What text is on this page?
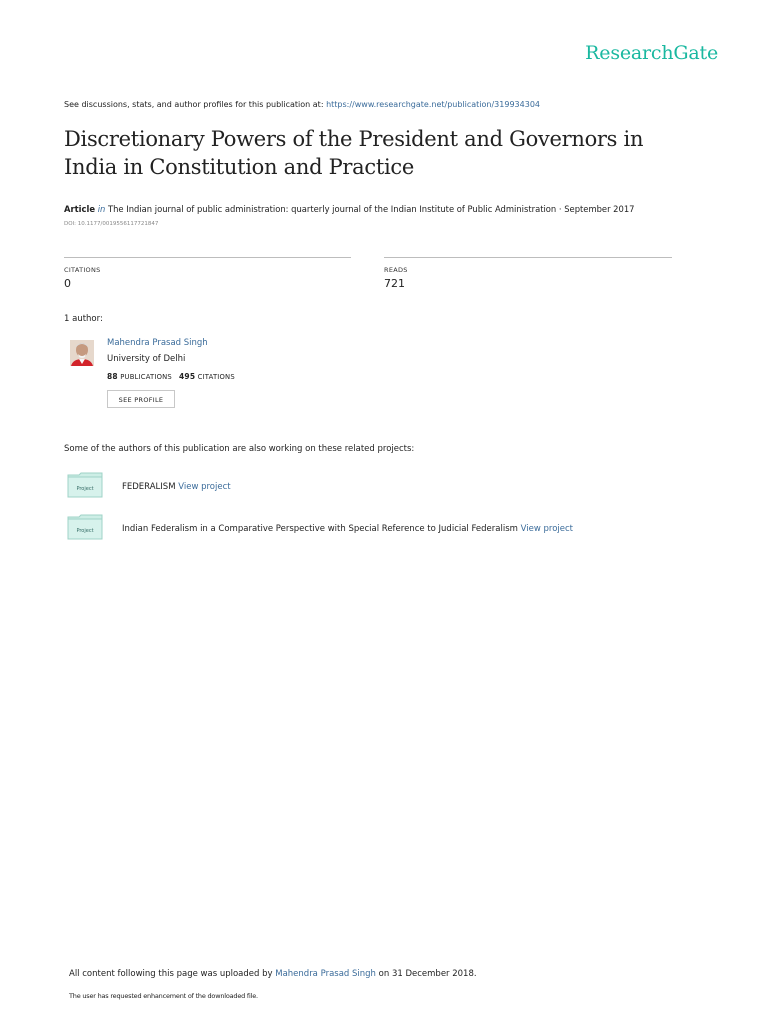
ResearchGate
See discussions, stats, and author profiles for this publication at: https://www.researchgate.net/publication/319934304
Discretionary Powers of the President and Governors in India in Constitution and Practice
Article in The Indian journal of public administration: quarterly journal of the Indian Institute of Public Administration · September 2017
DOI: 10.1177/0019556117721847
CITATIONS
0
READS
721
1 author:
Mahendra Prasad Singh
University of Delhi
88 PUBLICATIONS 495 CITATIONS
SEE PROFILE
Some of the authors of this publication are also working on these related projects:
Project	FEDERALISM View project
Project	Indian Federalism in a Comparative Perspective with Special Reference to Judicial Federalism View project
All content following this page was uploaded by Mahendra Prasad Singh on 31 December 2018.
The user has requested enhancement of the downloaded file.
